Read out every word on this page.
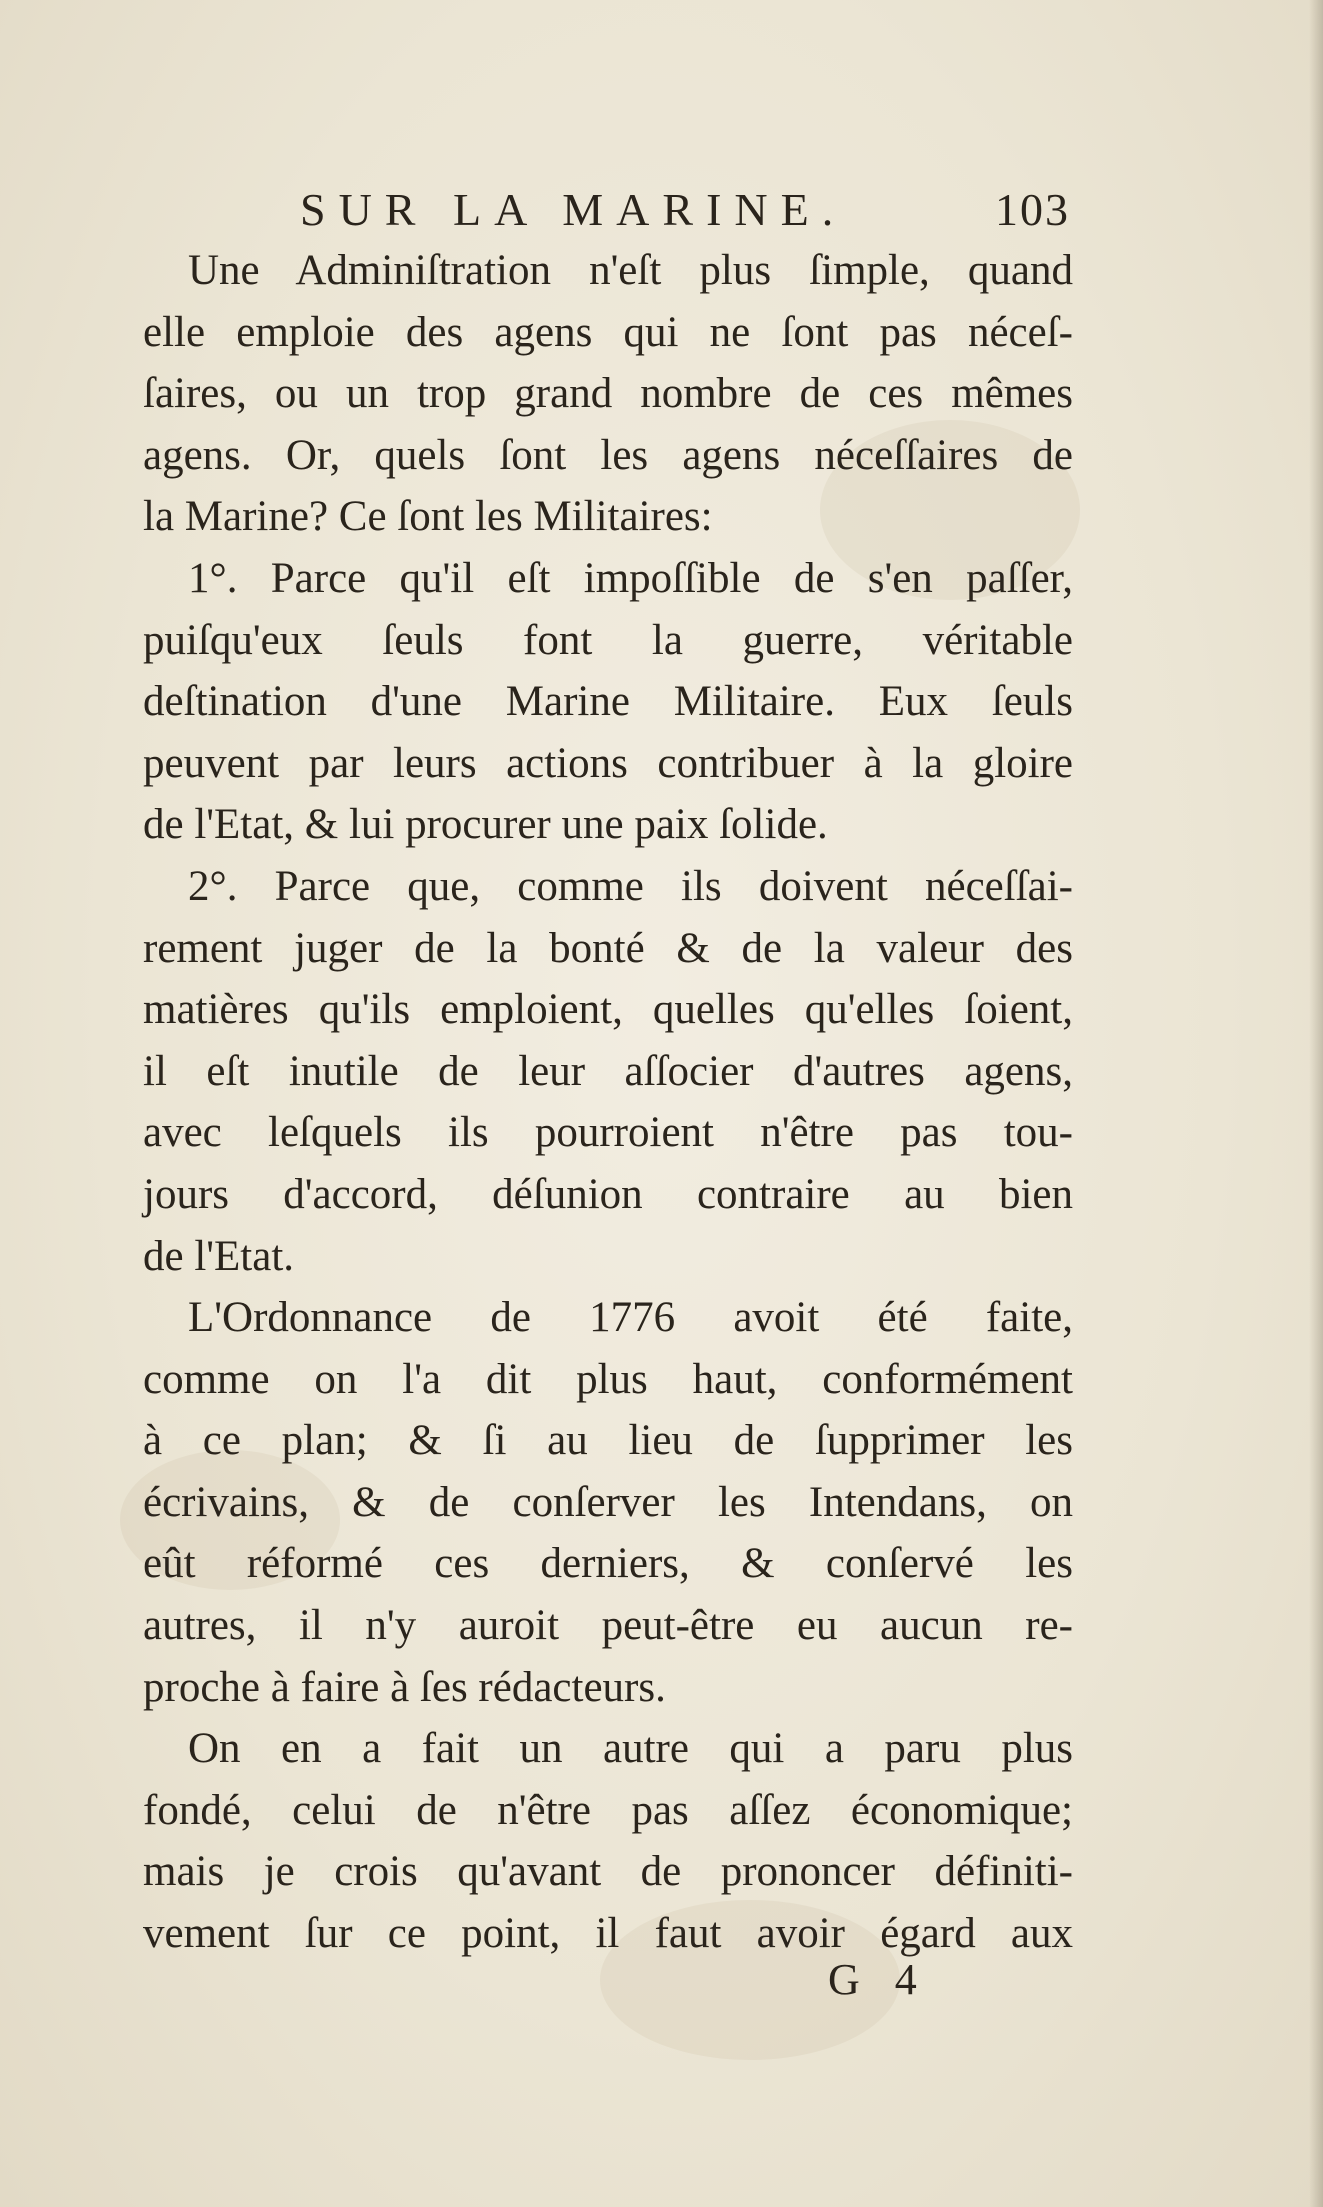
SUR LA MARINE.	103
Une Adminiſtration n'eſt plus ſimple, quand
elle emploie des agens qui ne ſont pas néceſ-
ſaires, ou un trop grand nombre de ces mêmes
agens. Or, quels ſont les agens néceſſaires de
la Marine? Ce ſont les Militaires:
1°. Parce qu'il eſt impoſſible de s'en paſſer,
puiſqu'eux ſeuls font la guerre, véritable
deſtination d'une Marine Militaire. Eux ſeuls
peuvent par leurs actions contribuer à la gloire
de l'Etat, & lui procurer une paix ſolide.
2°. Parce que, comme ils doivent néceſſai-
rement juger de la bonté & de la valeur des
matières qu'ils emploient, quelles qu'elles ſoient,
il eſt inutile de leur aſſocier d'autres agens,
avec leſquels ils pourroient n'être pas tou-
jours d'accord, déſunion contraire au bien
de l'Etat.
L'Ordonnance de 1776 avoit été faite,
comme on l'a dit plus haut, conformément
à ce plan; & ſi au lieu de ſupprimer les
écrivains, & de conſerver les Intendans, on
eût réformé ces derniers, & conſervé les
autres, il n'y auroit peut-être eu aucun re-
proche à faire à ſes rédacteurs.
On en a fait un autre qui a paru plus
fondé, celui de n'être pas aſſez économique;
mais je crois qu'avant de prononcer définiti-
vement ſur ce point, il faut avoir égard aux
G 4
